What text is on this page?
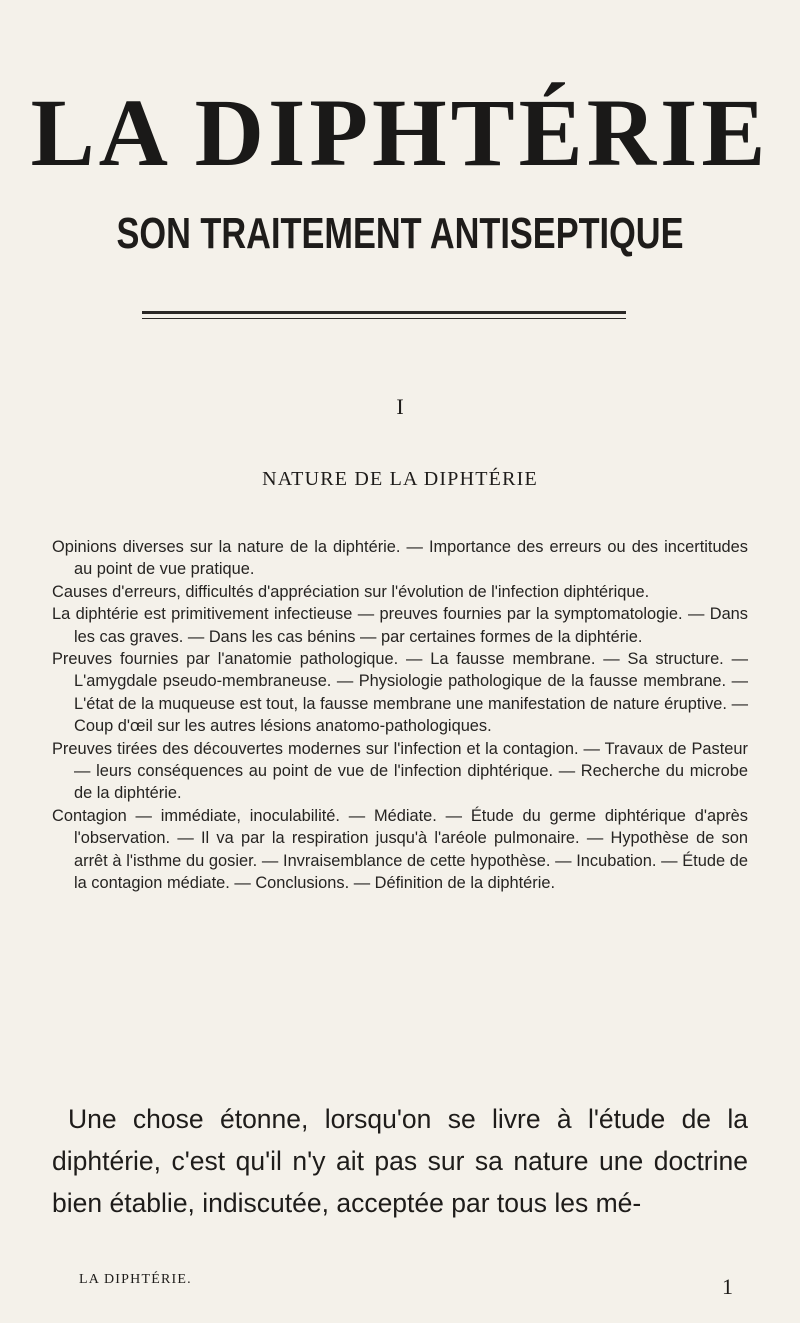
LA DIPHTÉRIE
SON TRAITEMENT ANTISEPTIQUE
I
NATURE DE LA DIPHTÉRIE

Opinions diverses sur la nature de la diphtérie. — Importance des erreurs ou des incertitudes au point de vue pratique.

Causes d'erreurs, difficultés d'appréciation sur l'évolution de l'infection diphtérique.

La diphtérie est primitivement infectieuse — preuves fournies par la symptomatologie. — Dans les cas graves. — Dans les cas bénins — par certaines formes de la diphtérie.

Preuves fournies par l'anatomie pathologique. — La fausse membrane. — Sa structure. — L'amygdale pseudo-membraneuse. — Physiologie pathologique de la fausse membrane. — L'état de la muqueuse est tout, la fausse membrane une manifestation de nature éruptive. — Coup d'œil sur les autres lésions anatomo-pathologiques.

Preuves tirées des découvertes modernes sur l'infection et la contagion. — Travaux de Pasteur — leurs conséquences au point de vue de l'infection diphtérique. — Recherche du microbe de la diphtérie.

Contagion — immédiate, inoculabilité. — Médiate. — Étude du germe diphtérique d'après l'observation. — Il va par la respiration jusqu'à l'aréole pulmonaire. — Hypothèse de son arrêt à l'isthme du gosier. — Invraisemblance de cette hypothèse. — Incubation. — Étude de la contagion médiate. — Conclusions. — Définition de la diphtérie.

Une chose étonne, lorsqu'on se livre à l'étude de la diphtérie, c'est qu'il n'y ait pas sur sa nature une doctrine bien établie, indiscutée, acceptée par tous les mé-

LA DIPHTÉRIE.	1
